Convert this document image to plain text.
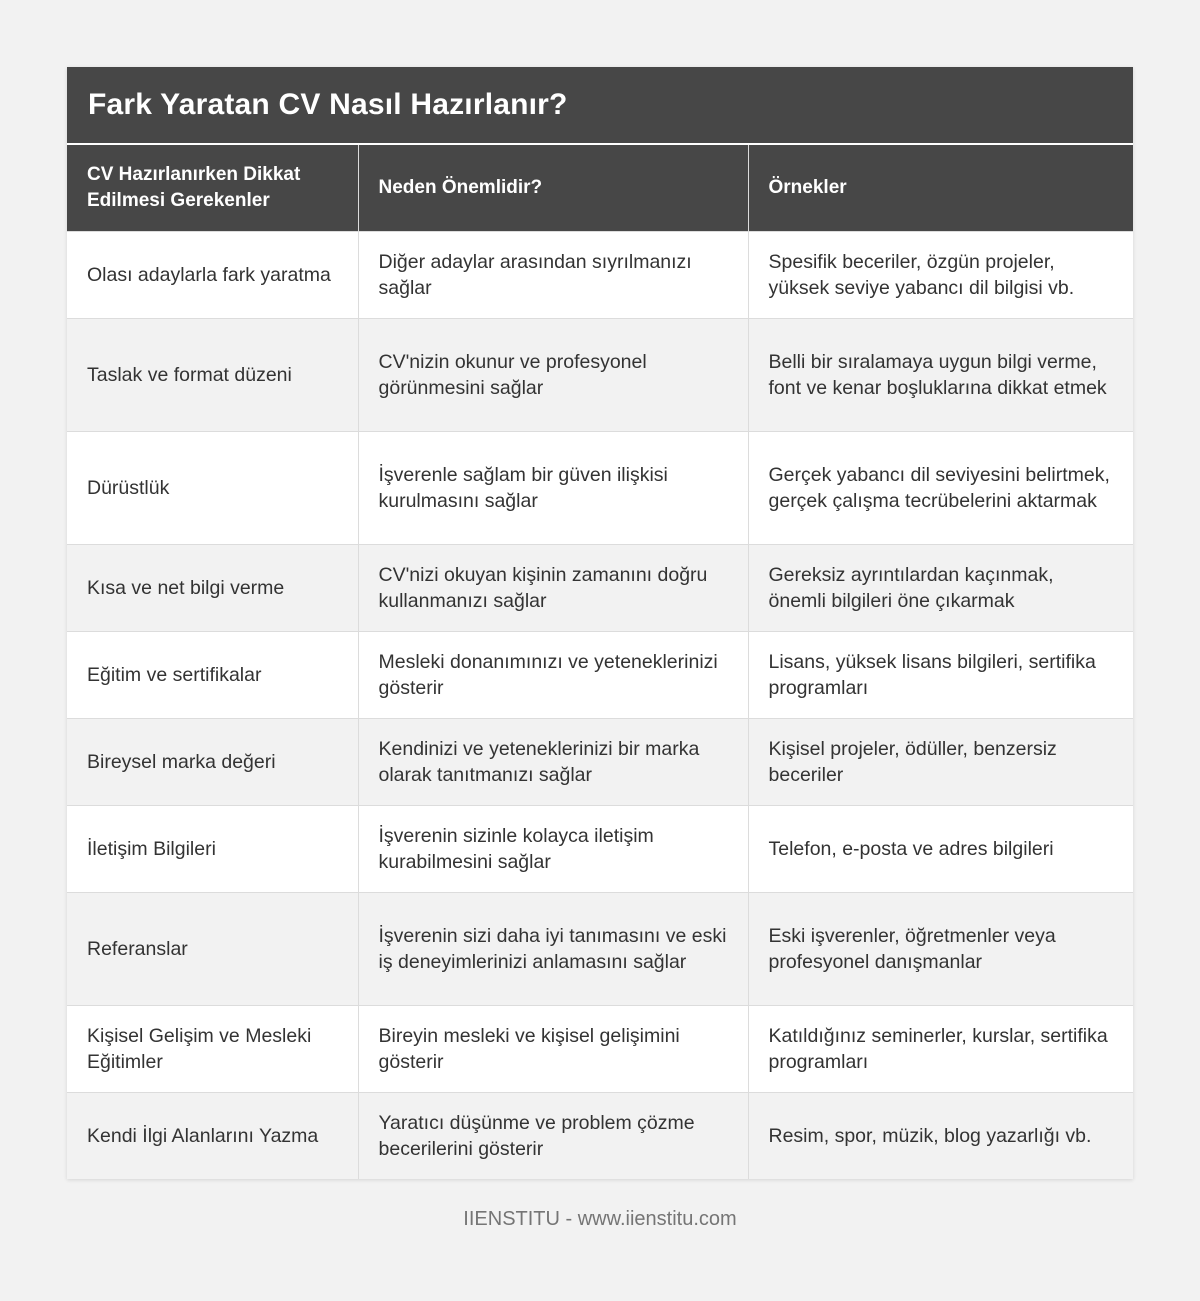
Fark Yaratan CV Nasıl Hazırlanır?
CV Hazırlanırken Dikkat Edilmesi Gerekenler	Neden Önemlidir?	Örnekler
Olası adaylarla fark yaratma	Diğer adaylar arasından sıyrılmanızı sağlar	Spesifik beceriler, özgün projeler, yüksek seviye yabancı dil bilgisi vb.
Taslak ve format düzeni	CV'nizin okunur ve profesyonel görünmesini sağlar	Belli bir sıralamaya uygun bilgi verme, font ve kenar boşluklarına dikkat etmek
Dürüstlük	İşverenle sağlam bir güven ilişkisi kurulmasını sağlar	Gerçek yabancı dil seviyesini belirtmek, gerçek çalışma tecrübelerini aktarmak
Kısa ve net bilgi verme	CV'nizi okuyan kişinin zamanını doğru kullanmanızı sağlar	Gereksiz ayrıntılardan kaçınmak, önemli bilgileri öne çıkarmak
Eğitim ve sertifikalar	Mesleki donanımınızı ve yeteneklerinizi gösterir	Lisans, yüksek lisans bilgileri, sertifika programları
Bireysel marka değeri	Kendinizi ve yeteneklerinizi bir marka olarak tanıtmanızı sağlar	Kişisel projeler, ödüller, benzersiz beceriler
İletişim Bilgileri	İşverenin sizinle kolayca iletişim kurabilmesini sağlar	Telefon, e-posta ve adres bilgileri
Referanslar	İşverenin sizi daha iyi tanımasını ve eski iş deneyimlerinizi anlamasını sağlar	Eski işverenler, öğretmenler veya profesyonel danışmanlar
Kişisel Gelişim ve Mesleki Eğitimler	Bireyin mesleki ve kişisel gelişimini gösterir	Katıldığınız seminerler, kurslar, sertifika programları
Kendi İlgi Alanlarını Yazma	Yaratıcı düşünme ve problem çözme becerilerini gösterir	Resim, spor, müzik, blog yazarlığı vb.
IIENSTITU - www.iienstitu.com
